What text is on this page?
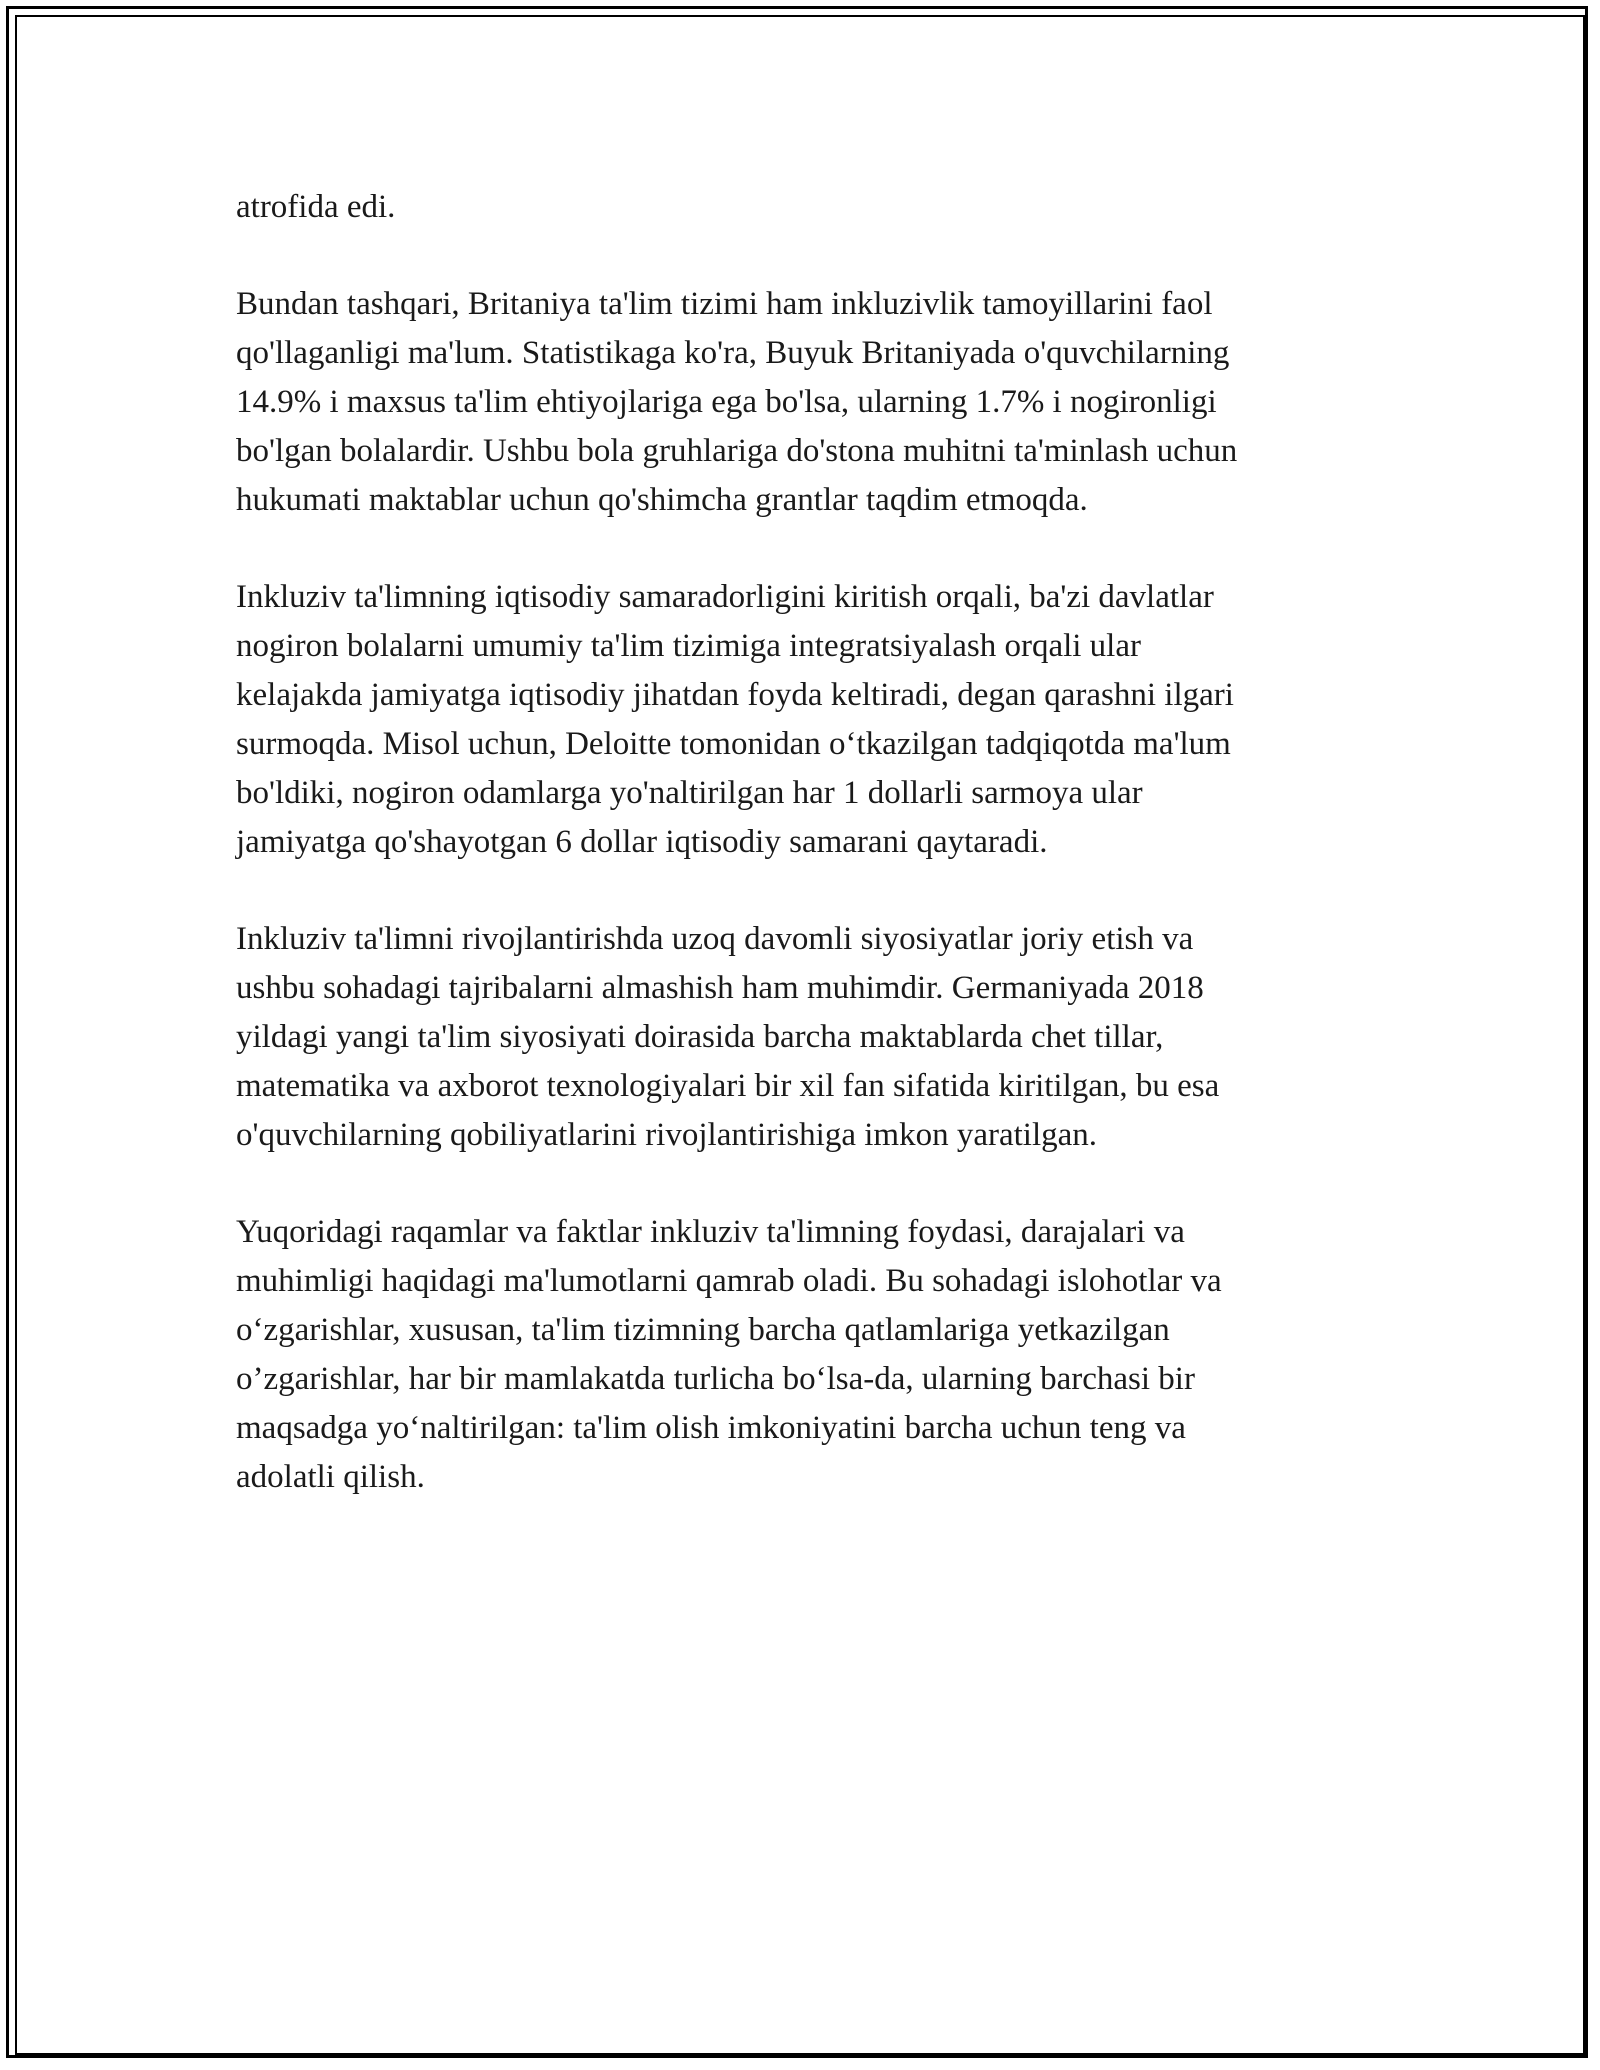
atrofida edi.
Bundan tashqari, Britaniya ta'lim tizimi ham inkluzivlik tamoyillarini faol
qo'llaganligi ma'lum. Statistikaga ko'ra, Buyuk Britaniyada o'quvchilarning
14.9% i maxsus ta'lim ehtiyojlariga ega bo'lsa, ularning 1.7% i nogironligi
bo'lgan bolalardir. Ushbu bola gruhlariga do'stona muhitni ta'minlash uchun
hukumati maktablar uchun qo'shimcha grantlar taqdim etmoqda.
Inkluziv ta'limning iqtisodiy samaradorligini kiritish orqali, ba'zi davlatlar
nogiron bolalarni umumiy ta'lim tizimiga integratsiyalash orqali ular
kelajakda jamiyatga iqtisodiy jihatdan foyda keltiradi, degan qarashni ilgari
surmoqda. Misol uchun, Deloitte tomonidan o‘tkazilgan tadqiqotda ma'lum
bo'ldiki, nogiron odamlarga yo'naltirilgan har 1 dollarli sarmoya ular
jamiyatga qo'shayotgan 6 dollar iqtisodiy samarani qaytaradi.
Inkluziv ta'limni rivojlantirishda uzoq davomli siyosiyatlar joriy etish va
ushbu sohadagi tajribalarni almashish ham muhimdir. Germaniyada 2018
yildagi yangi ta'lim siyosiyati doirasida barcha maktablarda chet tillar,
matematika va axborot texnologiyalari bir xil fan sifatida kiritilgan, bu esa
o'quvchilarning qobiliyatlarini rivojlantirishiga imkon yaratilgan.
Yuqoridagi raqamlar va faktlar inkluziv ta'limning foydasi, darajalari va
muhimligi haqidagi ma'lumotlarni qamrab oladi. Bu sohadagi islohotlar va
o‘zgarishlar, xususan, ta'lim tizimning barcha qatlamlariga yetkazilgan
o’zgarishlar, har bir mamlakatda turlicha bo‘lsa-da, ularning barchasi bir
maqsadga yo‘naltirilgan: ta'lim olish imkoniyatini barcha uchun teng va
adolatli qilish.
